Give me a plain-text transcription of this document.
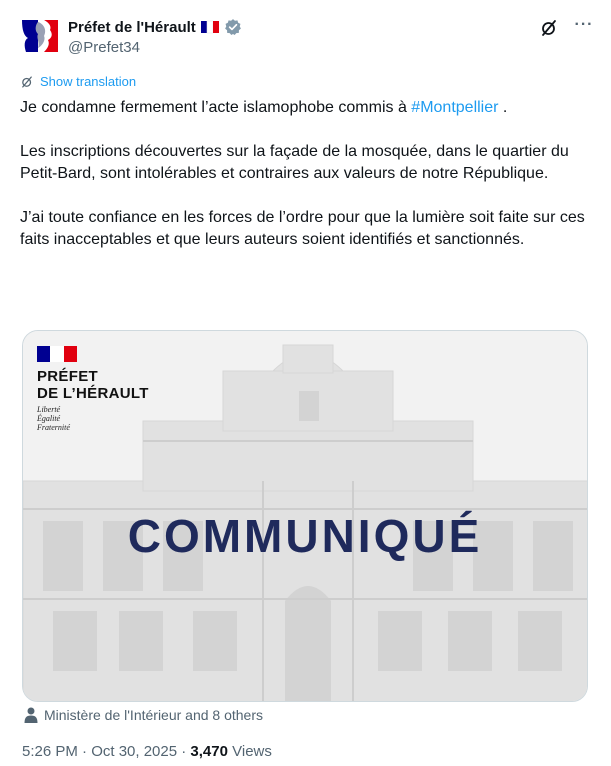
Préfet de l'Hérault
@Prefet34
···
Show translation

Je condamne fermement l’acte islamophobe commis à #Montpellier .

Les inscriptions découvertes sur la façade de la mosquée, dans le quartier du Petit-Bard, sont intolérables et contraires aux valeurs de notre République.

J’ai toute confiance en les forces de l’ordre pour que la lumière soit faite sur ces faits inacceptables et que leurs auteurs soient identifiés et sanctionnés.

PRÉFET
DE L’HÉRAULT
Liberté
Égalité
Fraternité
COMMUNIQUÉ
Ministère de l'Intérieur and 8 others
5:26 PM · Oct 30, 2025 · 3,470 Views
